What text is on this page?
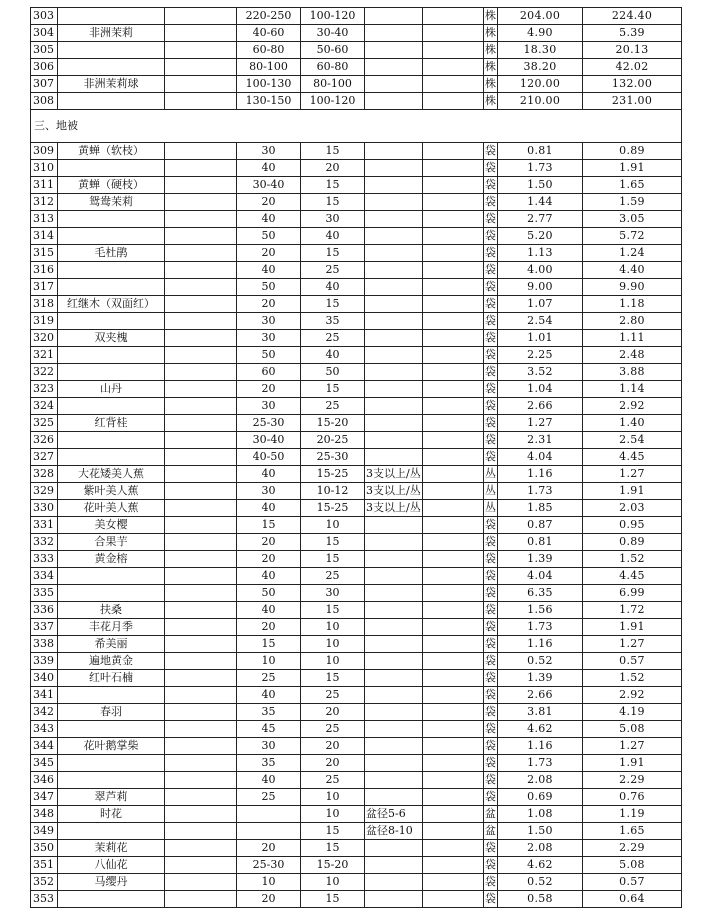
303			220-250	100-120			株	204.00	224.40
304	非洲茉莉		40-60	30-40			株	4.90	5.39
305			60-80	50-60			株	18.30	20.13
306			80-100	60-80			株	38.20	42.02
307	非洲茉莉球		100-130	80-100			株	120.00	132.00
308			130-150	100-120			株	210.00	231.00
三、地被									
309	黄蝉（软枝）		30	15			袋	0.81	0.89
310			40	20			袋	1.73	1.91
311	黄蝉（硬枝）		30-40	15			袋	1.50	1.65
312	鸳鸯茉莉		20	15			袋	1.44	1.59
313			40	30			袋	2.77	3.05
314			50	40			袋	5.20	5.72
315	毛杜鹃		20	15			袋	1.13	1.24
316			40	25			袋	4.00	4.40
317			50	40			袋	9.00	9.90
318	红继木（双面红）		20	15			袋	1.07	1.18
319			30	35			袋	2.54	2.80
320	双夹槐		30	25			袋	1.01	1.11
321			50	40			袋	2.25	2.48
322			60	50			袋	3.52	3.88
323	山丹		20	15			袋	1.04	1.14
324			30	25			袋	2.66	2.92
325	红背桂		25-30	15-20			袋	1.27	1.40
326			30-40	20-25			袋	2.31	2.54
327			40-50	25-30			袋	4.04	4.45
328	大花矮美人蕉		40	15-25	3支以上/丛		丛	1.16	1.27
329	紫叶美人蕉		30	10-12	3支以上/丛		丛	1.73	1.91
330	花叶美人蕉		40	15-25	3支以上/丛		丛	1.85	2.03
331	美女樱		15	10			袋	0.87	0.95
332	合果芋		20	15			袋	0.81	0.89
333	黄金榕		20	15			袋	1.39	1.52
334			40	25			袋	4.04	4.45
335			50	30			袋	6.35	6.99
336	扶桑		40	15			袋	1.56	1.72
337	丰花月季		20	10			袋	1.73	1.91
338	希美丽		15	10			袋	1.16	1.27
339	遍地黄金		10	10			袋	0.52	0.57
340	红叶石楠		25	15			袋	1.39	1.52
341			40	25			袋	2.66	2.92
342	春羽		35	20			袋	3.81	4.19
343			45	25			袋	4.62	5.08
344	花叶鹅掌柴		30	20			袋	1.16	1.27
345			35	20			袋	1.73	1.91
346			40	25			袋	2.08	2.29
347	翠芦莉		25	10			袋	0.69	0.76
348	时花			10	盆径5-6		盆	1.08	1.19
349				15	盆径8-10		盆	1.50	1.65
350	茉莉花		20	15			袋	2.08	2.29
351	八仙花		25-30	15-20			袋	4.62	5.08
352	马缨丹		10	10			袋	0.52	0.57
353			20	15			袋	0.58	0.64
